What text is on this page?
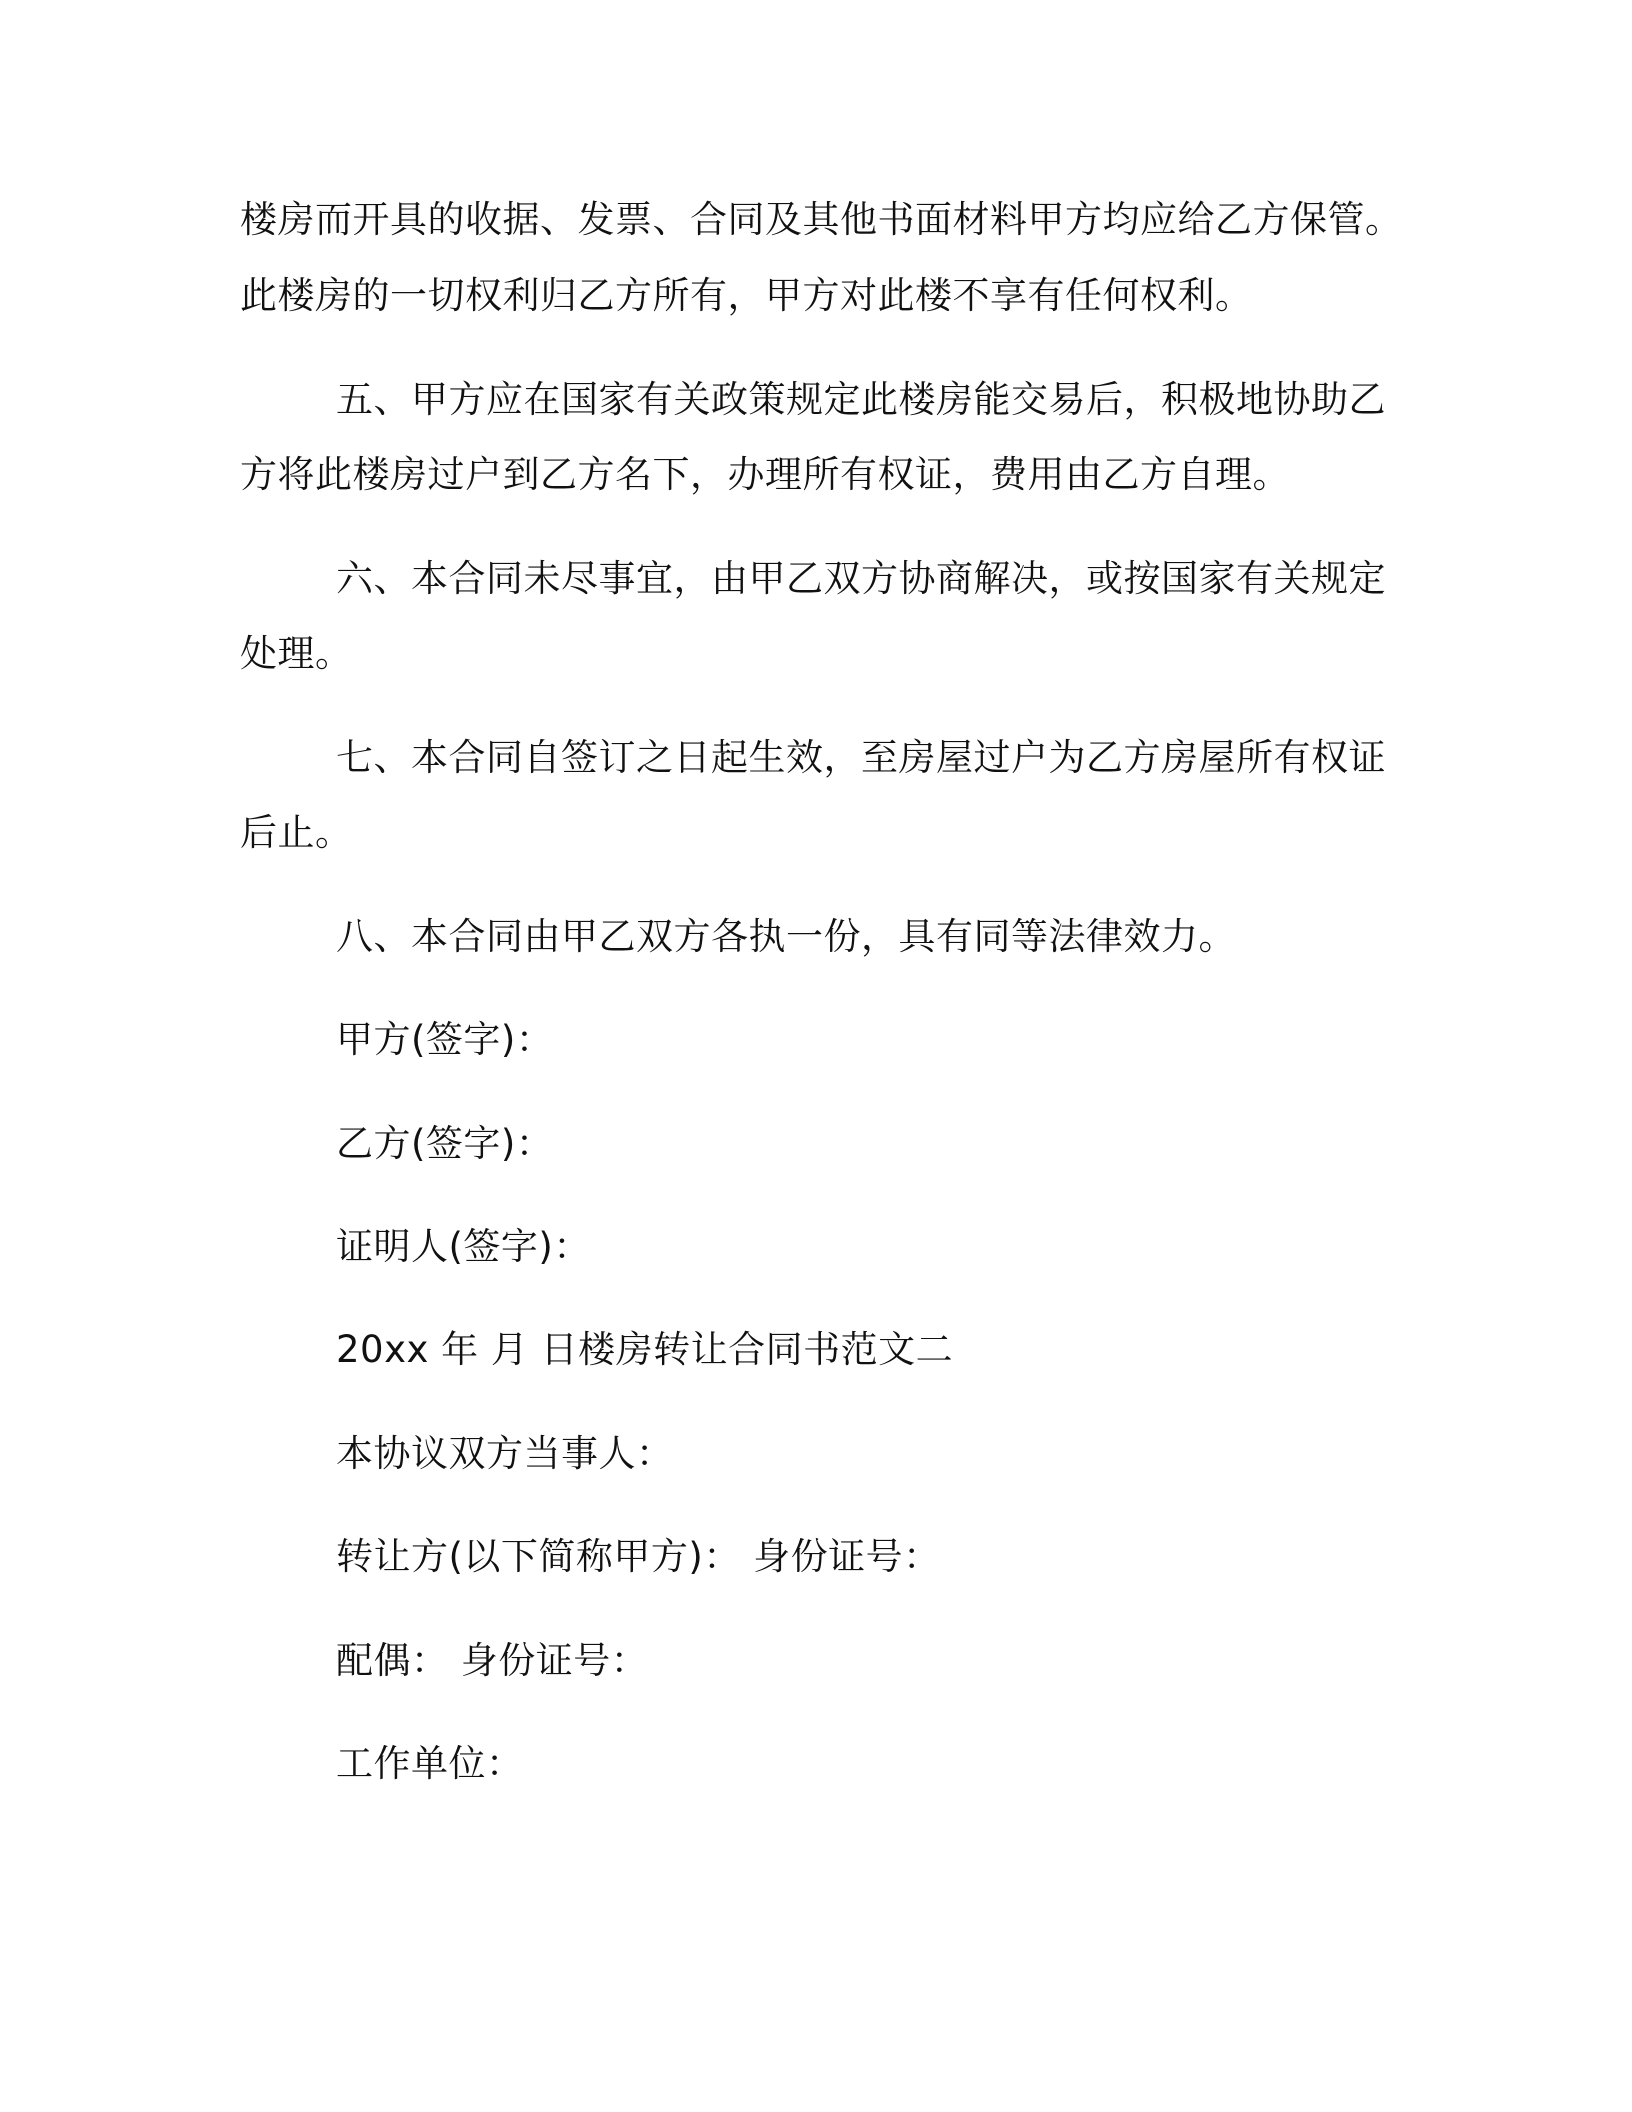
楼房而开具的收据、发票、合同及其他书面材料甲方均应给乙方保管。
此楼房的一切权利归乙方所有，甲方对此楼不享有任何权利。
五、甲方应在国家有关政策规定此楼房能交易后，积极地协助乙
方将此楼房过户到乙方名下，办理所有权证，费用由乙方自理。
六、本合同未尽事宜，由甲乙双方协商解决，或按国家有关规定
处理。
七、本合同自签订之日起生效，至房屋过户为乙方房屋所有权证
后止。
八、本合同由甲乙双方各执一份，具有同等法律效力。
甲方(签字)：
乙方(签字)：
证明人(签字)：
20xx 年 月 日楼房转让合同书范文二
本协议双方当事人：
转让方(以下简称甲方)： 身份证号：
配偶： 身份证号：
工作单位：
